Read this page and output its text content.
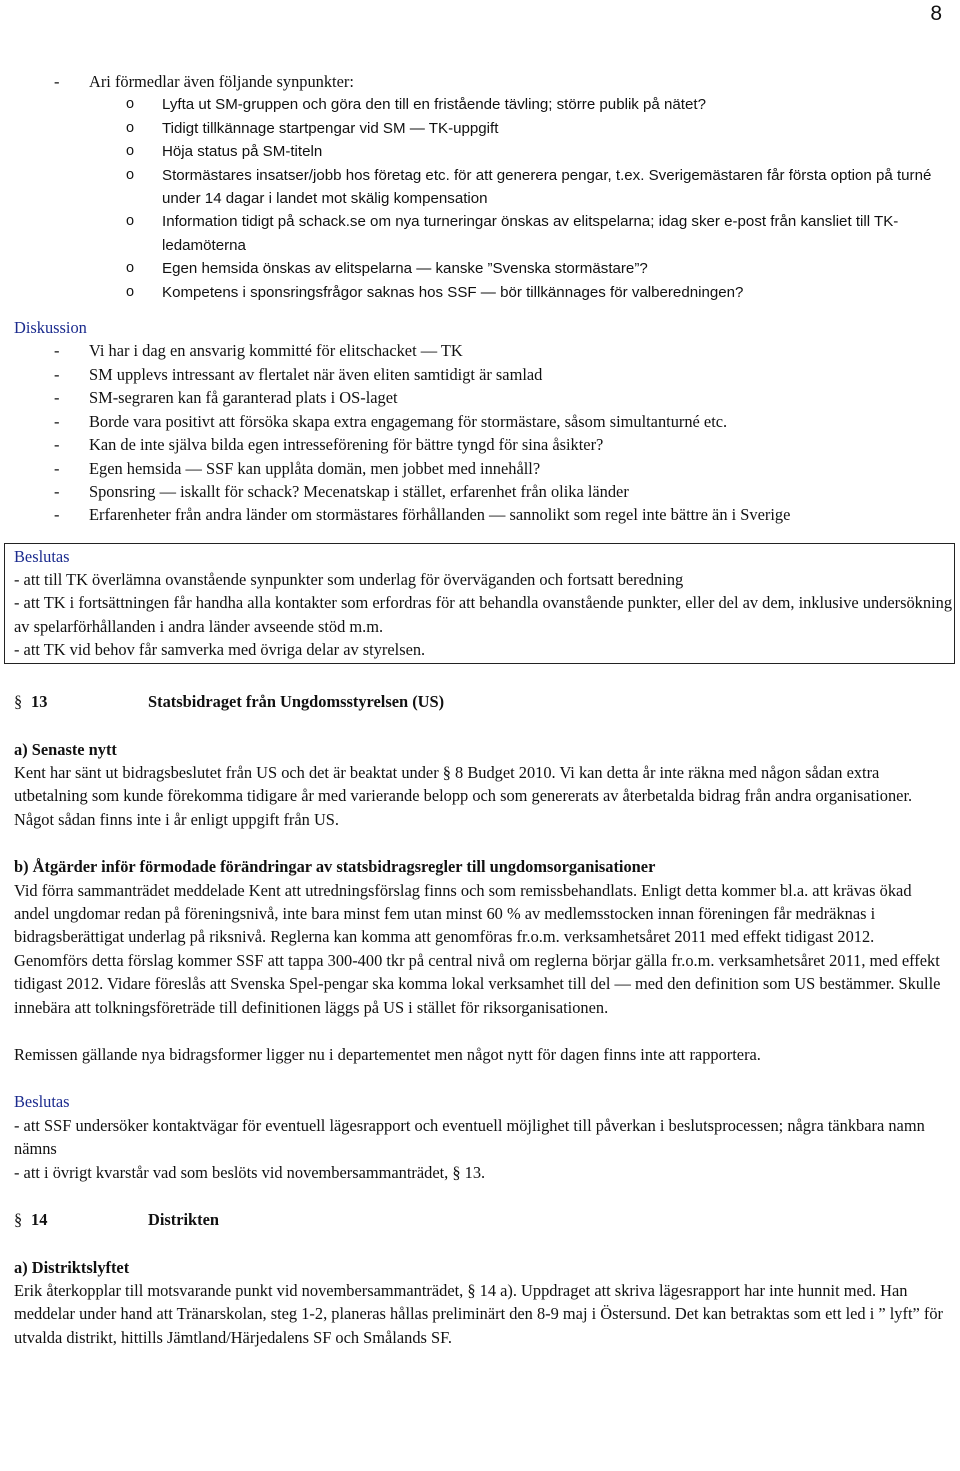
8
-	Ari förmedlar även följande synpunkter:
o	Lyfta ut SM-gruppen och göra den till en fristående tävling; större publik på nätet?
o	Tidigt tillkännage startpengar vid SM — TK-uppgift
o	Höja status på SM-titeln
o	Stormästares insatser/jobb hos företag etc. för att generera pengar, t.ex. Sverigemästaren får första option på turné under 14 dagar i landet mot skälig kompensation
o	Information tidigt på schack.se om nya turneringar önskas av elitspelarna; idag sker e-post från kansliet till TK-ledamöterna
o	Egen hemsida önskas av elitspelarna — kanske ”Svenska stormästare”?
o	Kompetens i sponsringsfrågor saknas hos SSF — bör tillkännages för valberedningen?
Diskussion
-	Vi har i dag en ansvarig kommitté för elitschacket — TK
-	SM upplevs intressant av flertalet när även eliten samtidigt är samlad
-	SM-segraren kan få garanterad plats i OS-laget
-	Borde vara positivt att försöka skapa extra engagemang för stormästare, såsom simultanturné etc.
-	Kan de inte själva bilda egen intresseförening för bättre tyngd för sina åsikter?
-	Egen hemsida — SSF kan upplåta domän, men jobbet med innehåll?
-	Sponsring — iskallt för schack? Mecenatskap i stället, erfarenhet från olika länder
-	Erfarenheter från andra länder om stormästares förhållanden — sannolikt som regel inte bättre än i Sverige
Beslutas
- att till TK överlämna ovanstående synpunkter som underlag för överväganden och fortsatt beredning
- att TK i fortsättningen får handha alla kontakter som erfordras för att behandla ovanstående punkter, eller del av dem, inklusive undersökning av spelarförhållanden i andra länder avseende stöd m.m.
- att TK vid behov får samverka med övriga delar av styrelsen.
§ 13	Statsbidraget från Ungdomsstyrelsen (US)
a) Senaste nytt
Kent har sänt ut bidragsbeslutet från US och det är beaktat under § 8 Budget 2010. Vi kan detta år inte räkna med någon sådan extra utbetalning som kunde förekomma tidigare år med varierande belopp och som genererats av återbetalda bidrag från andra organisationer. Något sådan finns inte i år enligt uppgift från US.
b) Åtgärder inför förmodade förändringar av statsbidragsregler till ungdomsorganisationer
Vid förra sammanträdet meddelade Kent att utredningsförslag finns och som remissbehandlats. Enligt detta kommer bl.a. att krävas ökad andel ungdomar redan på föreningsnivå, inte bara minst fem utan minst 60 % av medlemsstocken innan föreningen får medräknas i bidragsberättigat underlag på riksnivå. Reglerna kan komma att genomföras fr.o.m. verksamhetsåret 2011 med effekt tidigast 2012. Genomförs detta förslag kommer SSF att tappa 300-400 tkr på central nivå om reglerna börjar gälla fr.o.m. verksamhetsåret 2011, med effekt tidigast 2012. Vidare föreslås att Svenska Spel-pengar ska komma lokal verksamhet till del — med den definition som US bestämmer. Skulle innebära att tolkningsföreträde till definitionen läggs på US i stället för riksorganisationen.
Remissen gällande nya bidragsformer ligger nu i departementet men något nytt för dagen finns inte att rapportera.
Beslutas
- att SSF undersöker kontaktvägar för eventuell lägesrapport och eventuell möjlighet till påverkan i beslutsprocessen; några tänkbara namn nämns
- att i övrigt kvarstår vad som beslöts vid novembersammanträdet, § 13.
§ 14	Distrikten
a) Distriktslyftet
Erik återkopplar till motsvarande punkt vid novembersammanträdet, § 14 a). Uppdraget att skriva lägesrapport har inte hunnit med. Han meddelar under hand att Tränarskolan, steg 1-2, planeras hållas preliminärt den 8-9 maj i Östersund. Det kan betraktas som ett led i ” lyft” för utvalda distrikt, hittills Jämtland/Härjedalens SF och Smålands SF.
